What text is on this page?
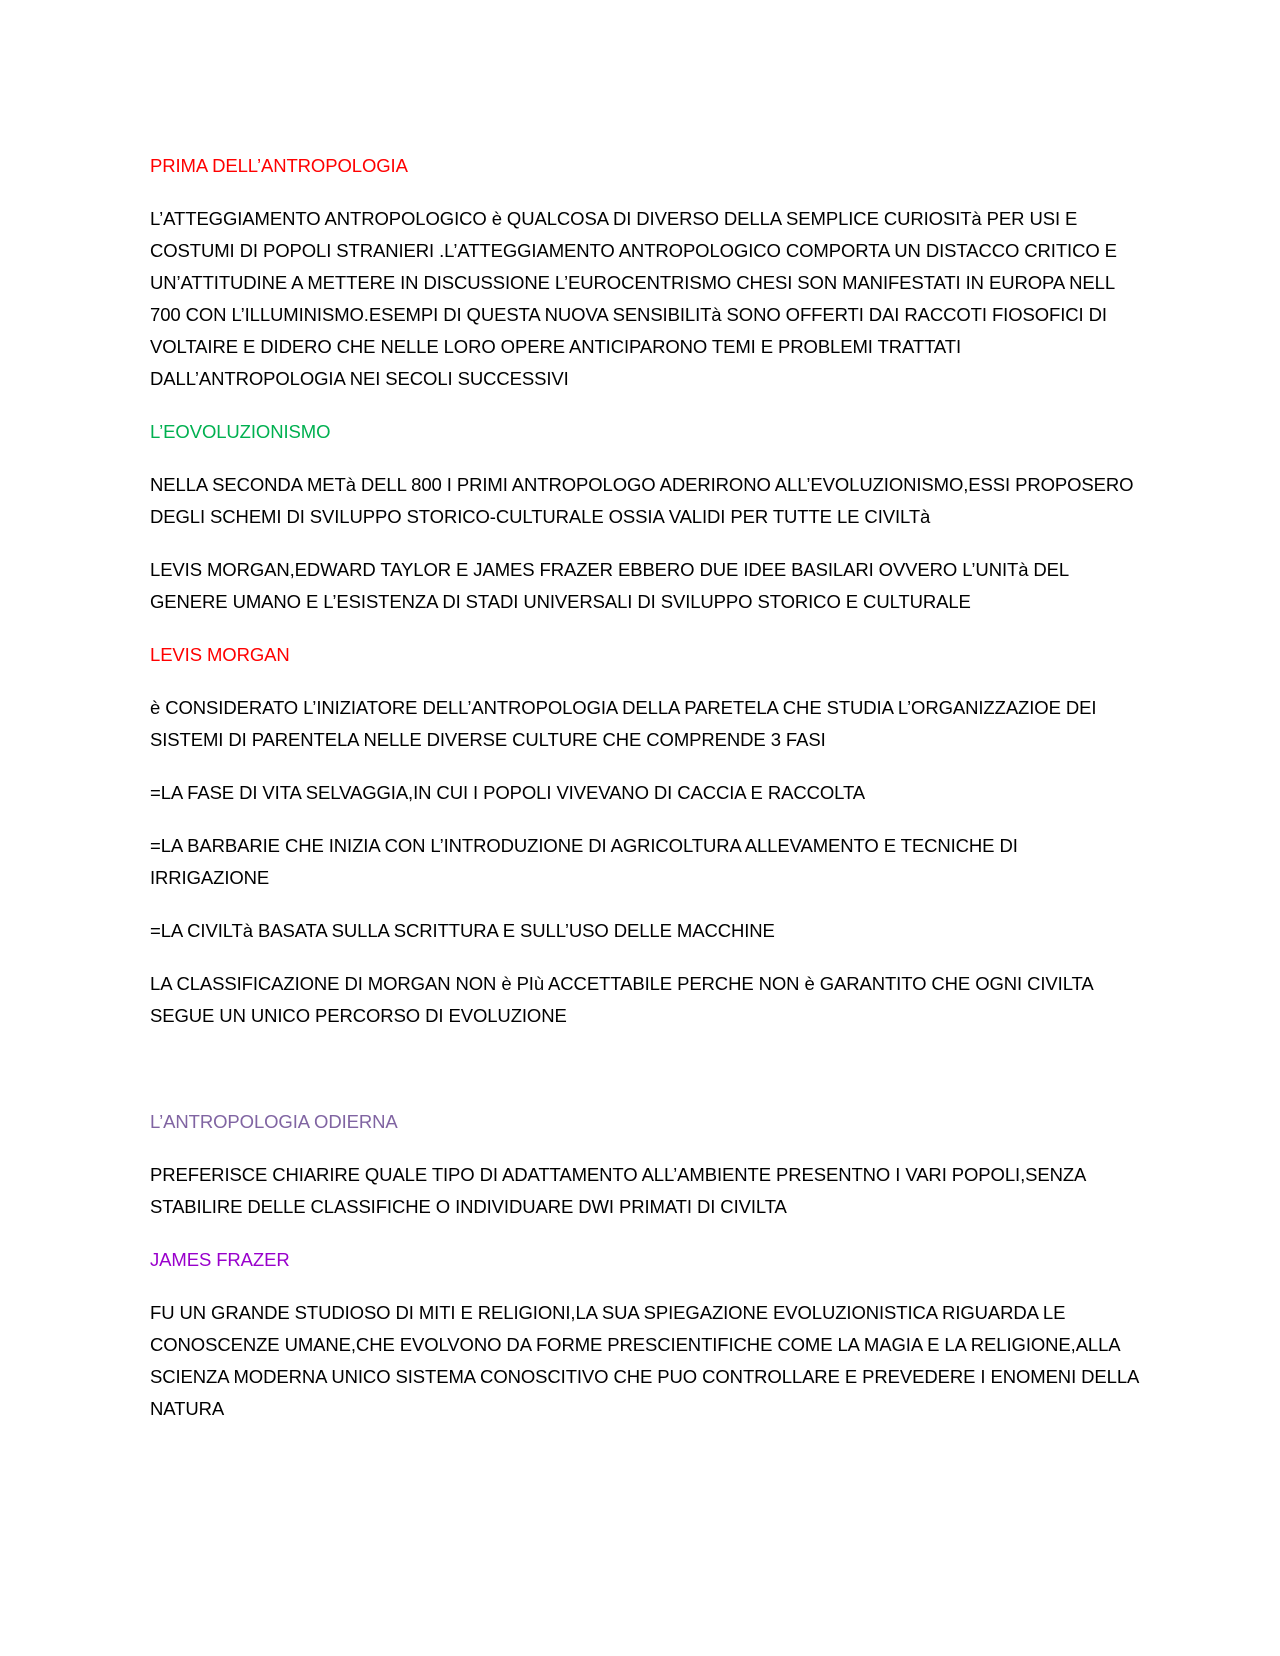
PRIMA DELL’ANTROPOLOGIA
L’ATTEGGIAMENTO ANTROPOLOGICO è QUALCOSA DI DIVERSO DELLA SEMPLICE CURIOSITà PER USI E COSTUMI DI POPOLI STRANIERI .L’ATTEGGIAMENTO ANTROPOLOGICO COMPORTA UN DISTACCO CRITICO E UN’ATTITUDINE A METTERE IN DISCUSSIONE L’EUROCENTRISMO CHESI SON MANIFESTATI IN EUROPA NELL 700 CON L’ILLUMINISMO.ESEMPI DI QUESTA NUOVA SENSIBILITà SONO OFFERTI DAI RACCOTI FIOSOFICI DI VOLTAIRE E DIDERO CHE NELLE LORO OPERE ANTICIPARONO TEMI E PROBLEMI TRATTATI DALL’ANTROPOLOGIA NEI SECOLI SUCCESSIVI
L’EOVOLUZIONISMO
NELLA SECONDA METà DELL 800 I PRIMI ANTROPOLOGO ADERIRONO ALL’EVOLUZIONISMO,ESSI PROPOSERO DEGLI SCHEMI DI SVILUPPO STORICO-CULTURALE OSSIA VALIDI PER TUTTE LE CIVILTà
LEVIS MORGAN,EDWARD TAYLOR E JAMES FRAZER EBBERO DUE IDEE BASILARI OVVERO L’UNITà DEL GENERE UMANO E L’ESISTENZA DI STADI UNIVERSALI DI SVILUPPO STORICO E CULTURALE
LEVIS MORGAN
è CONSIDERATO L’INIZIATORE DELL’ANTROPOLOGIA DELLA PARETELA CHE STUDIA L’ORGANIZZAZIOE DEI SISTEMI DI PARENTELA NELLE DIVERSE CULTURE CHE COMPRENDE 3 FASI
=LA FASE DI VITA SELVAGGIA,IN CUI I POPOLI VIVEVANO DI CACCIA E RACCOLTA
=LA BARBARIE CHE INIZIA CON L’INTRODUZIONE DI AGRICOLTURA ALLEVAMENTO E TECNICHE DI IRRIGAZIONE
=LA CIVILTà BASATA SULLA SCRITTURA E SULL’USO DELLE MACCHINE
LA CLASSIFICAZIONE DI MORGAN NON è PIù ACCETTABILE PERCHE NON è GARANTITO CHE OGNI CIVILTA SEGUE UN UNICO PERCORSO DI EVOLUZIONE
L’ANTROPOLOGIA ODIERNA
PREFERISCE CHIARIRE QUALE TIPO DI ADATTAMENTO ALL’AMBIENTE PRESENTNO I VARI POPOLI,SENZA STABILIRE DELLE CLASSIFICHE O INDIVIDUARE DWI PRIMATI DI CIVILTA
JAMES FRAZER
FU UN GRANDE STUDIOSO DI MITI E RELIGIONI,LA SUA SPIEGAZIONE EVOLUZIONISTICA RIGUARDA LE CONOSCENZE UMANE,CHE EVOLVONO DA FORME PRESCIENTIFICHE COME LA MAGIA E LA RELIGIONE,ALLA SCIENZA MODERNA UNICO SISTEMA CONOSCITIVO CHE PUO CONTROLLARE E PREVEDERE I ENOMENI DELLA NATURA
